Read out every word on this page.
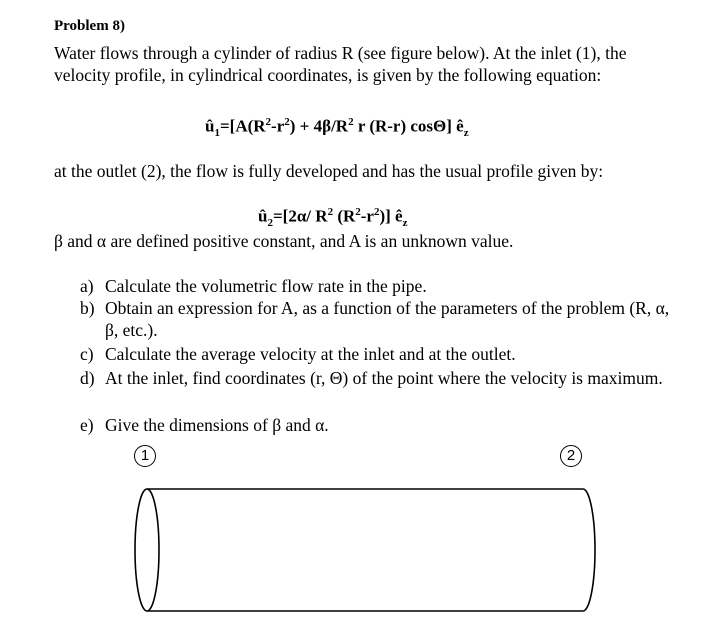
Problem 8)
Water flows through a cylinder of radius R (see figure below). At the inlet (1), the velocity profile, in cylindrical coordinates, is given by the following equation:
$û_1=[A(R^2-r^2) + 4\beta/R^2$ r (R-r) cosΘ] $ê_z$
at the outlet (2), the flow is fully developed and has the usual profile given by:
$û_2=[2\alpha/$ $R^2$ $(R^2-r^2)$] $ê_z$
β and α are defined positive constant, and A is an unknown value.
a) Calculate the volumetric flow rate in the pipe.
b) Obtain an expression for A, as a function of the parameters of the problem (R, α, β, etc.).
c) Calculate the average velocity at the inlet and at the outlet.
d) At the inlet, find coordinates (r, Θ) of the point where the velocity is maximum.
e) Give the dimensions of β and α.
1	2
